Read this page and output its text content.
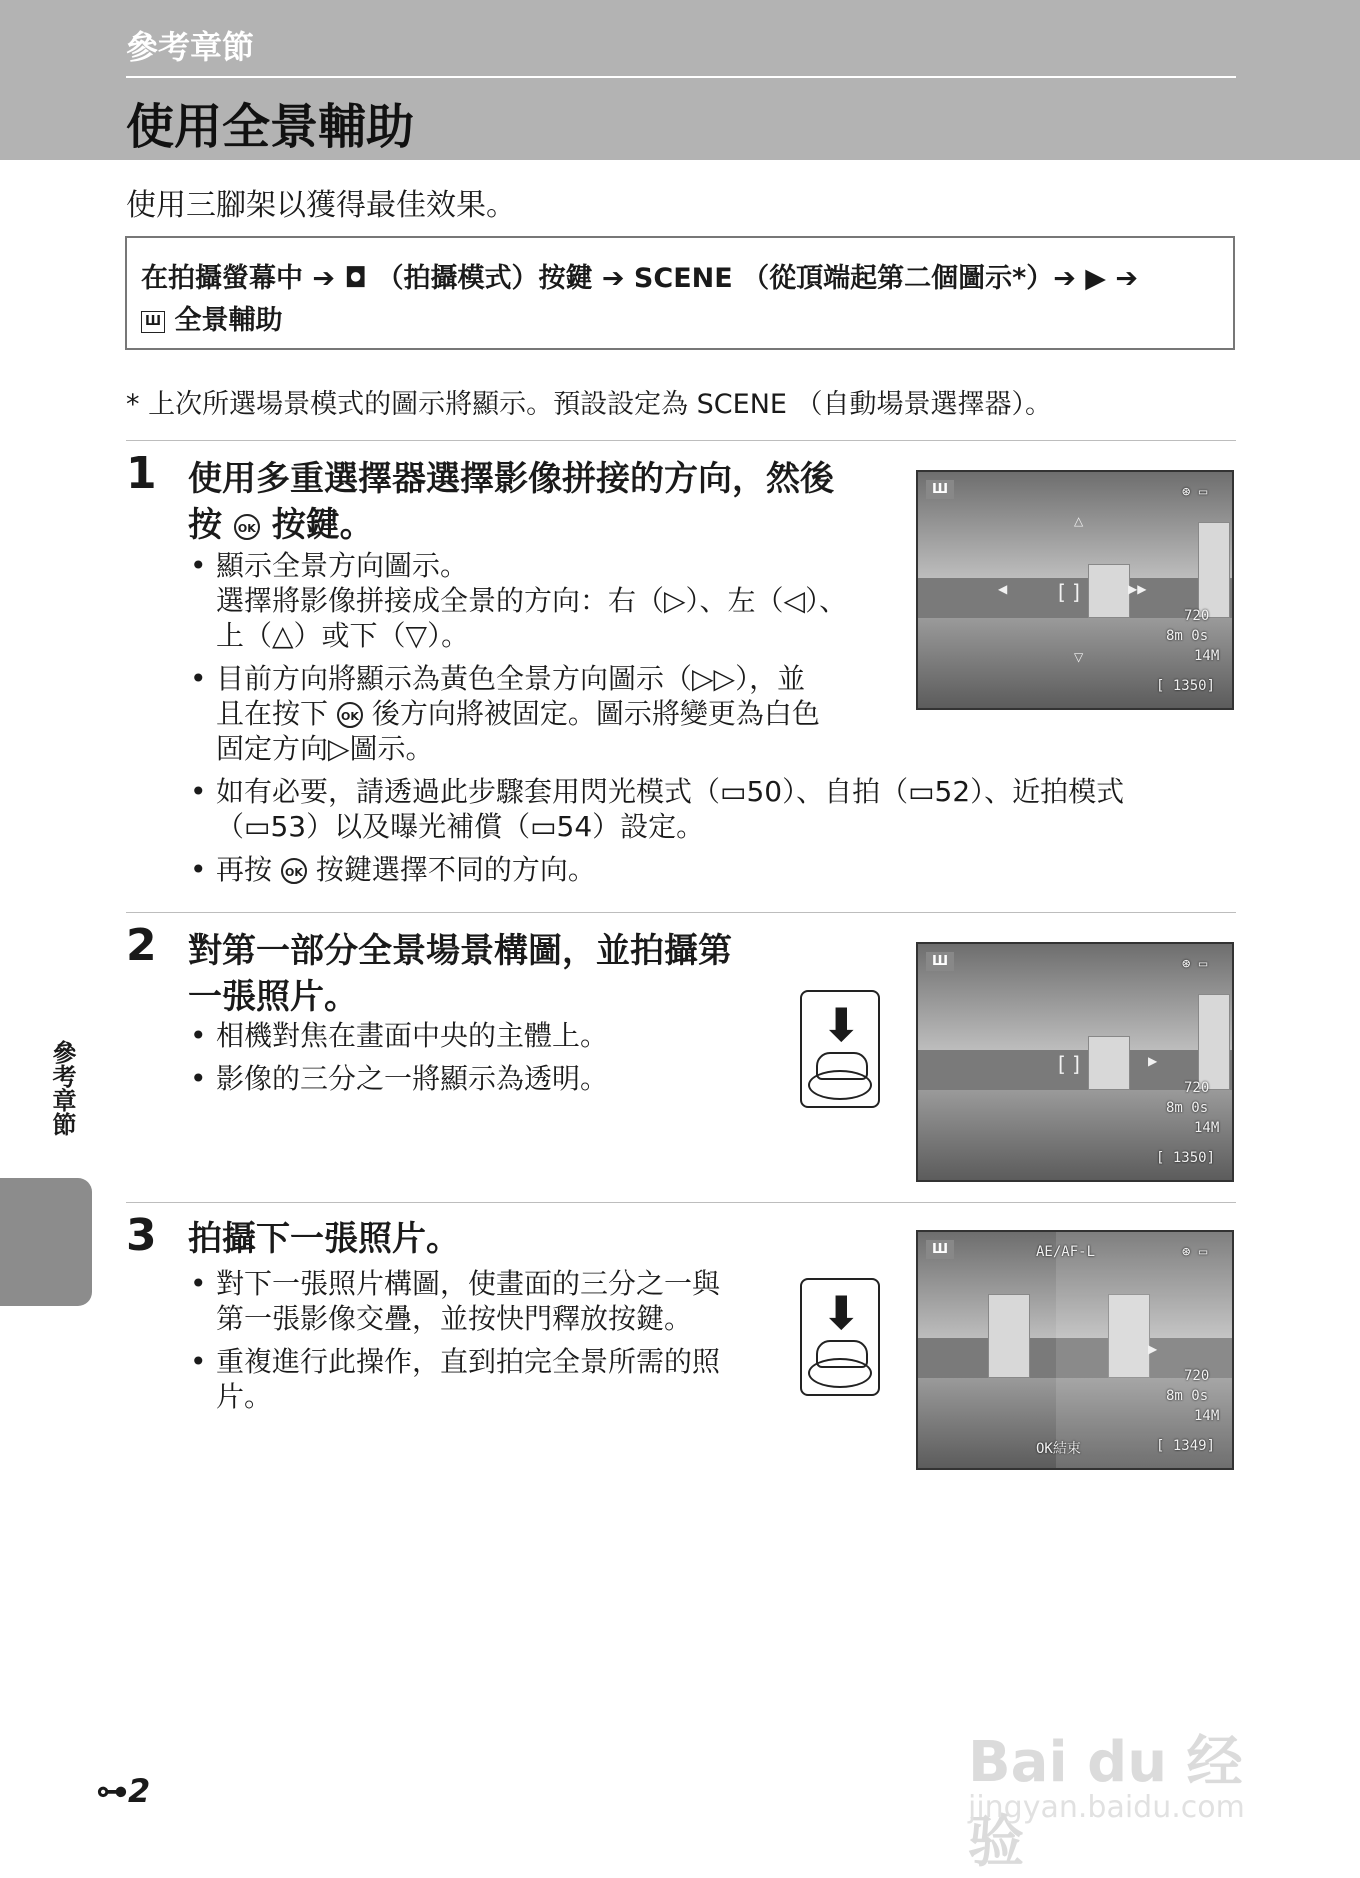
參考章節
使用全景輔助
使用三腳架以獲得最佳效果。
在拍攝螢幕中 ➔ ◘ （拍攝模式）按鍵 ➔ SCENE （從頂端起第二個圖示*）➔ ▶ ➔
Ш 全景輔助
* 上次所選場景模式的圖示將顯示。預設設定為 SCENE （自動場景選擇器）。
1 使用多重選擇器選擇影像拼接的方向，然後
按 OK 按鍵。
• 顯示全景方向圖示。
選擇將影像拼接成全景的方向：右（▷）、左（◁）、
上（△）或下（▽）。
• 目前方向將顯示為黃色全景方向圖示（▷▷），並
且在按下 OK 後方向將被固定。圖示將變更為白色
固定方向▷圖示。
• 如有必要，請透過此步驟套用閃光模式（▭50）、自拍（▭52）、近拍模式
（▭53）以及曝光補償（▭54）設定。
• 再按 OK 按鍵選擇不同的方向。
Ш
△
◀	▶▶
▽
[ ]
⊛ ▭
720
8m 0s
14M
[ 1350]
2 對第一部分全景場景構圖，並拍攝第
一張照片。
• 相機對焦在畫面中央的主體上。
• 影像的三分之一將顯示為透明。
⬇
Ш
▶
[ ]
⊛ ▭
720
8m 0s
14M
[ 1350]
3 拍攝下一張照片。
• 對下一張照片構圖，使畫面的三分之一與
第一張影像交疊，並按快門釋放按鍵。
• 重複進行此操作，直到拍完全景所需的照
片。
⬇
Ш	AE/AF-L
▶
⊛ ▭
720
8m 0s
14M
OK結束	[ 1349]
參考章節
⊶2	Bai du 经验
jingyan.baidu.com
